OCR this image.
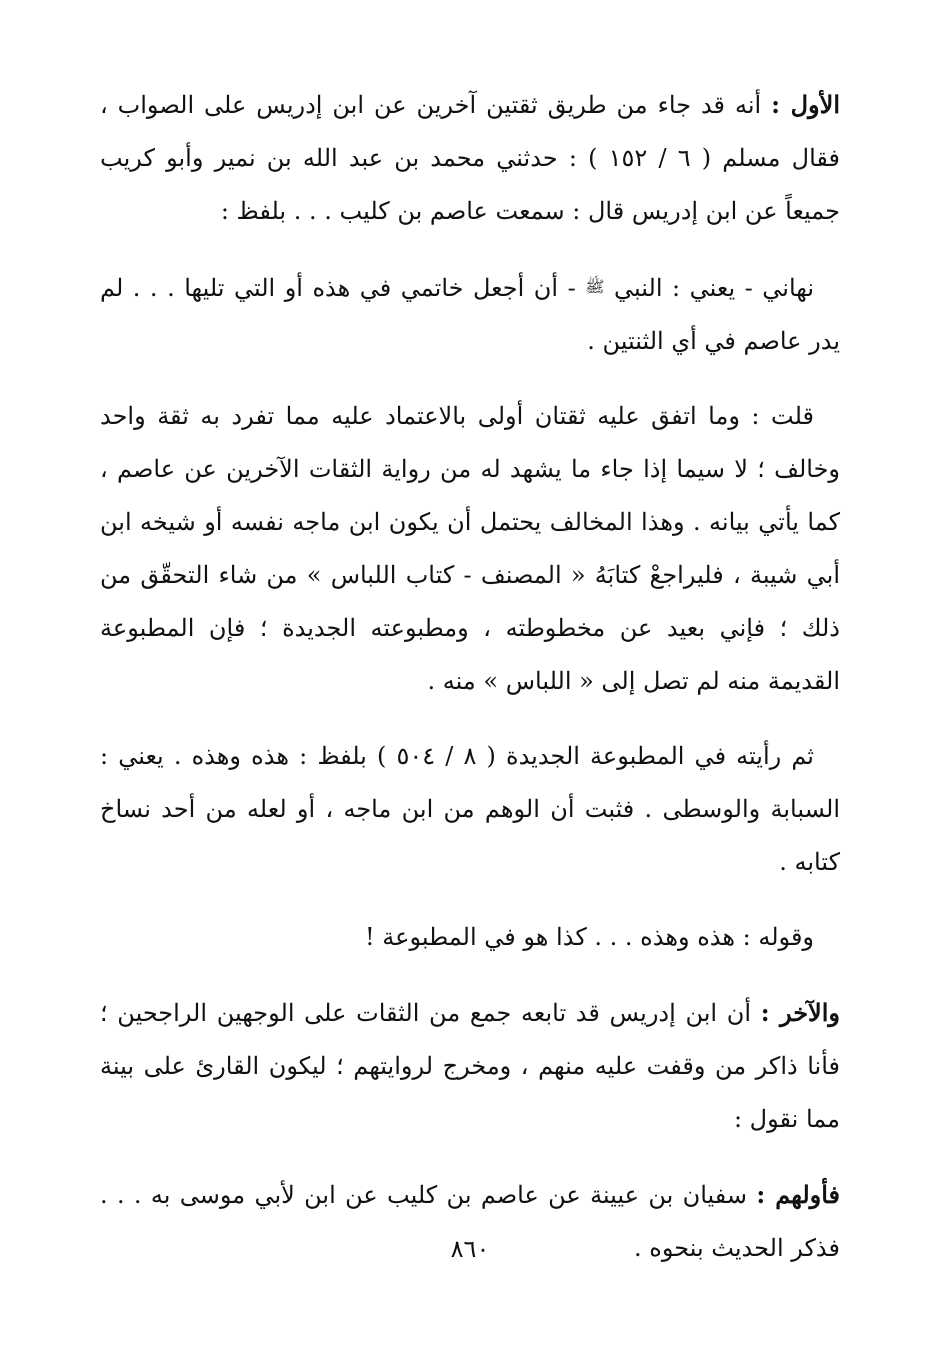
الأول : أنه قد جاء من طريق ثقتين آخرين عن ابن إدريس على الصواب ، فقال مسلم ( ٦ / ١٥٢ ) : حدثني محمد بن عبد الله بن نمير وأبو كريب جميعاً عن ابن إدريس قال : سمعت عاصم بن كليب . . . بلفظ :

نهاني - يعني : النبي ﷺ - أن أجعل خاتمي في هذه أو التي تليها . . . لم يدر عاصم في أي الثنتين .

قلت : وما اتفق عليه ثقتان أولى بالاعتماد عليه مما تفرد به ثقة واحد وخالف ؛ لا سيما إذا جاء ما يشهد له من رواية الثقات الآخرين عن عاصم ، كما يأتي بيانه . وهذا المخالف يحتمل أن يكون ابن ماجه نفسه أو شيخه ابن أبي شيبة ، فليراجعْ كتابَهُ « المصنف - كتاب اللباس » من شاء التحقّق من ذلك ؛ فإني بعيد عن مخطوطته ، ومطبوعته الجديدة ؛ فإن المطبوعة القديمة منه لم تصل إلى « اللباس » منه .

ثم رأيته في المطبوعة الجديدة ( ٨ / ٥٠٤ ) بلفظ : هذه وهذه . يعني : السبابة والوسطى . فثبت أن الوهم من ابن ماجه ، أو لعله من أحد نساخ كتابه .

وقوله : هذه وهذه . . . كذا هو في المطبوعة !

والآخر : أن ابن إدريس قد تابعه جمع من الثقات على الوجهين الراجحين ؛ فأنا ذاكر من وقفت عليه منهم ، ومخرج لروايتهم ؛ ليكون القارئ على بينة مما نقول :

فأولهم : سفيان بن عيينة عن عاصم بن كليب عن ابن لأبي موسى به . . . فذكر الحديث بنحوه .

٨٦٠
